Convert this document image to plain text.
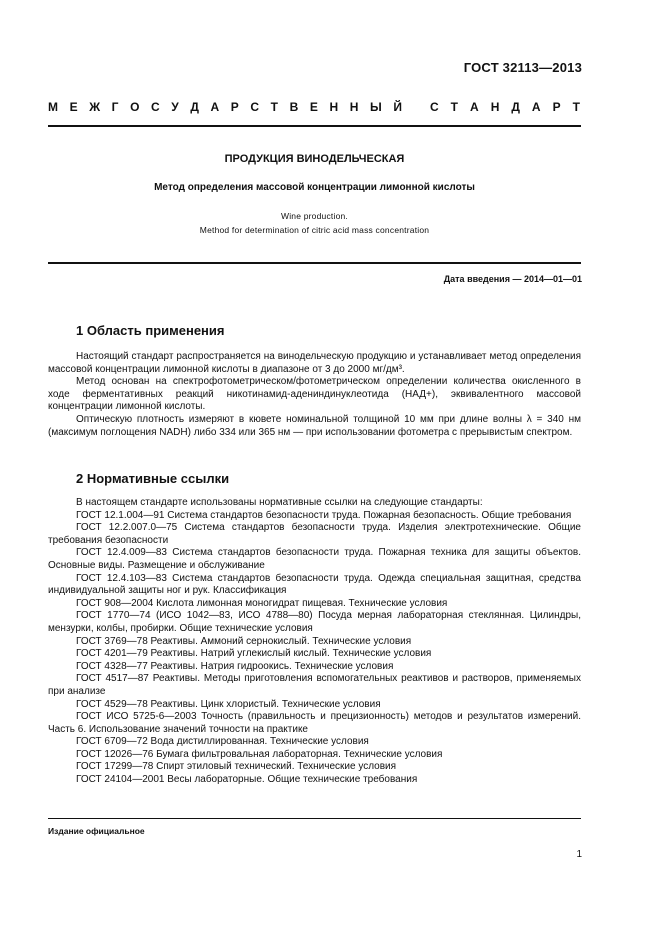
ГОСТ 32113—2013
М Е Ж Г О С У Д А Р С Т В Е Н Н Ы Й С Т А Н Д А Р Т
ПРОДУКЦИЯ ВИНОДЕЛЬЧЕСКАЯ
Метод определения массовой концентрации лимонной кислоты
Wine production.
Method for determination of citric acid mass concentration
Дата введения — 2014—01—01
1 Область применения

Настоящий стандарт распространяется на винодельческую продукцию и устанавливает метод определения массовой концентрации лимонной кислоты в диапазоне от 3 до 2000 мг/дм³.

Метод основан на спектрофотометрическом/фотометрическом определении количества окисленного в ходе ферментативных реакций никотинамид-адениндинуклеотида (НАД+), эквивалентного массовой концентрации лимонной кислоты.

Оптическую плотность измеряют в кювете номинальной толщиной 10 мм при длине волны λ = 340 нм (максимум поглощения NADH) либо 334 или 365 нм — при использовании фотометра с прерывистым спектром.

2 Нормативные ссылки

В настоящем стандарте использованы нормативные ссылки на следующие стандарты:

ГОСТ 12.1.004—91 Система стандартов безопасности труда. Пожарная безопасность. Общие требования

ГОСТ 12.2.007.0—75 Система стандартов безопасности труда. Изделия электротехнические. Общие требования безопасности

ГОСТ 12.4.009—83 Система стандартов безопасности труда. Пожарная техника для защиты объектов. Основные виды. Размещение и обслуживание

ГОСТ 12.4.103—83 Система стандартов безопасности труда. Одежда специальная защитная, средства индивидуальной защиты ног и рук. Классификация

ГОСТ 908—2004 Кислота лимонная моногидрат пищевая. Технические условия

ГОСТ 1770—74 (ИСО 1042—83, ИСО 4788—80) Посуда мерная лабораторная стеклянная. Цилиндры, мензурки, колбы, пробирки. Общие технические условия

ГОСТ 3769—78 Реактивы. Аммоний сернокислый. Технические условия

ГОСТ 4201—79 Реактивы. Натрий углекислый кислый. Технические условия

ГОСТ 4328—77 Реактивы. Натрия гидроокись. Технические условия

ГОСТ 4517—87 Реактивы. Методы приготовления вспомогательных реактивов и растворов, применяемых при анализе

ГОСТ 4529—78 Реактивы. Цинк хлористый. Технические условия

ГОСТ ИСО 5725-6—2003 Точность (правильность и прецизионность) методов и результатов измерений. Часть 6. Использование значений точности на практике

ГОСТ 6709—72 Вода дистиллированная. Технические условия

ГОСТ 12026—76 Бумага фильтровальная лабораторная. Технические условия

ГОСТ 17299—78 Спирт этиловый технический. Технические условия

ГОСТ 24104—2001 Весы лабораторные. Общие технические требования

Издание официальное
1
